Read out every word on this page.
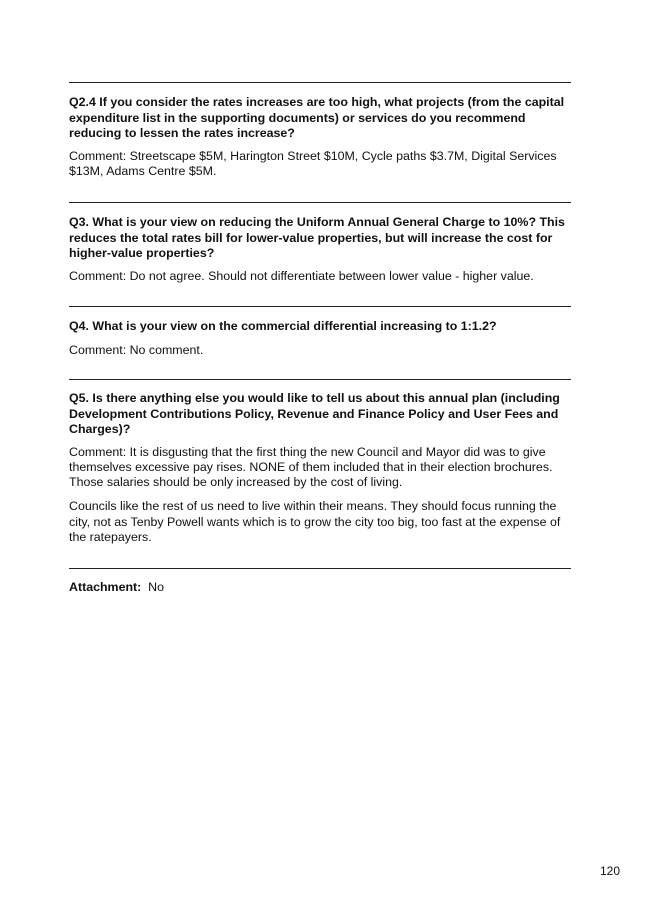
Q2.4 If you consider the rates increases are too high, what projects (from the capital expenditure list in the supporting documents) or services do you recommend reducing to lessen the rates increase?

Comment: Streetscape $5M, Harington Street $10M, Cycle paths $3.7M, Digital Services $13M, Adams Centre $5M.

Q3. What is your view on reducing the Uniform Annual General Charge to 10%? This reduces the total rates bill for lower-value properties, but will increase the cost for higher-value properties?

Comment: Do not agree. Should not differentiate between lower value - higher value.

Q4. What is your view on the commercial differential increasing to 1:1.2?

Comment: No comment.

Q5. Is there anything else you would like to tell us about this annual plan (including Development Contributions Policy, Revenue and Finance Policy and User Fees and Charges)?

Comment: It is disgusting that the first thing the new Council and Mayor did was to give themselves excessive pay rises. NONE of them included that in their election brochures. Those salaries should be only increased by the cost of living.

Councils like the rest of us need to live within their means. They should focus running the city, not as Tenby Powell wants which is to grow the city too big, too fast at the expense of the ratepayers.

Attachment: No

120
